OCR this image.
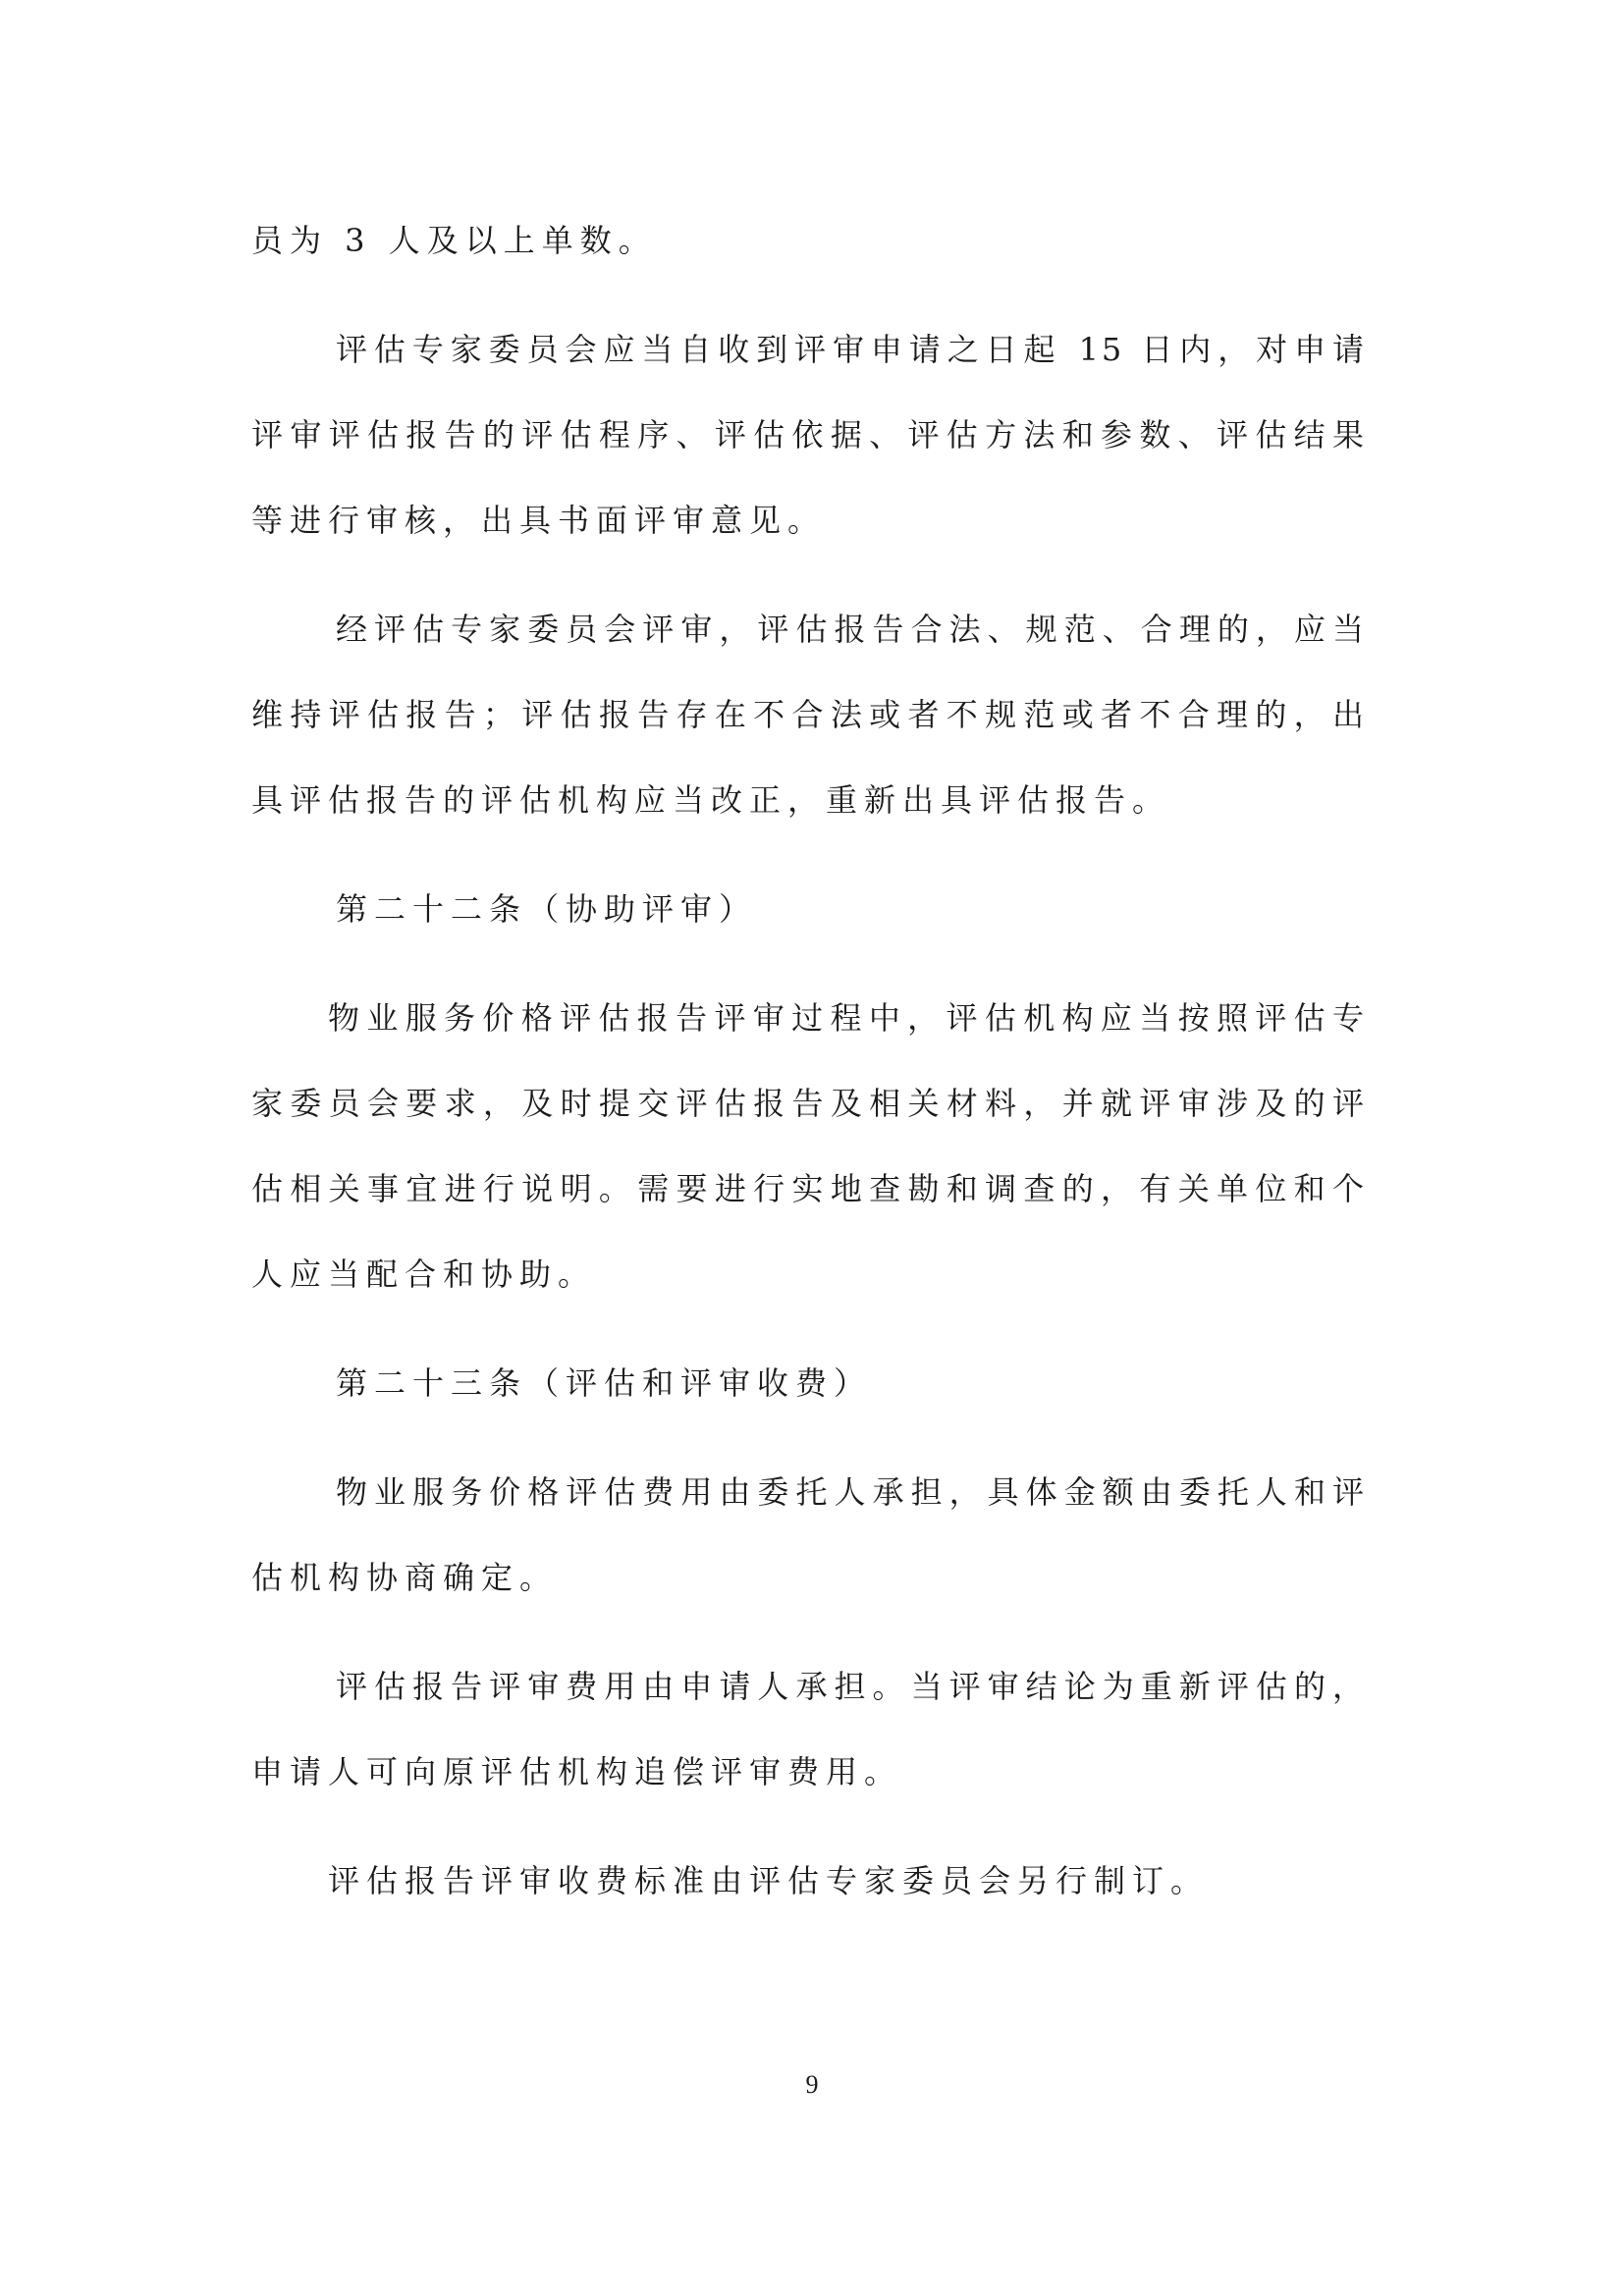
员为 3 人及以上单数。
评估专家委员会应当自收到评审申请之日起 15 日内，对申请
评审评估报告的评估程序、评估依据、评估方法和参数、评估结果
等进行审核，出具书面评审意见。
经评估专家委员会评审，评估报告合法、规范、合理的，应当
维持评估报告；评估报告存在不合法或者不规范或者不合理的，出
具评估报告的评估机构应当改正，重新出具评估报告。
第二十二条（协助评审）
物业服务价格评估报告评审过程中，评估机构应当按照评估专
家委员会要求，及时提交评估报告及相关材料，并就评审涉及的评
估相关事宜进行说明。需要进行实地查勘和调查的，有关单位和个
人应当配合和协助。
第二十三条（评估和评审收费）
物业服务价格评估费用由委托人承担，具体金额由委托人和评
估机构协商确定。
评估报告评审费用由申请人承担。当评审结论为重新评估的，
申请人可向原评估机构追偿评审费用。
评估报告评审收费标准由评估专家委员会另行制订。
9
